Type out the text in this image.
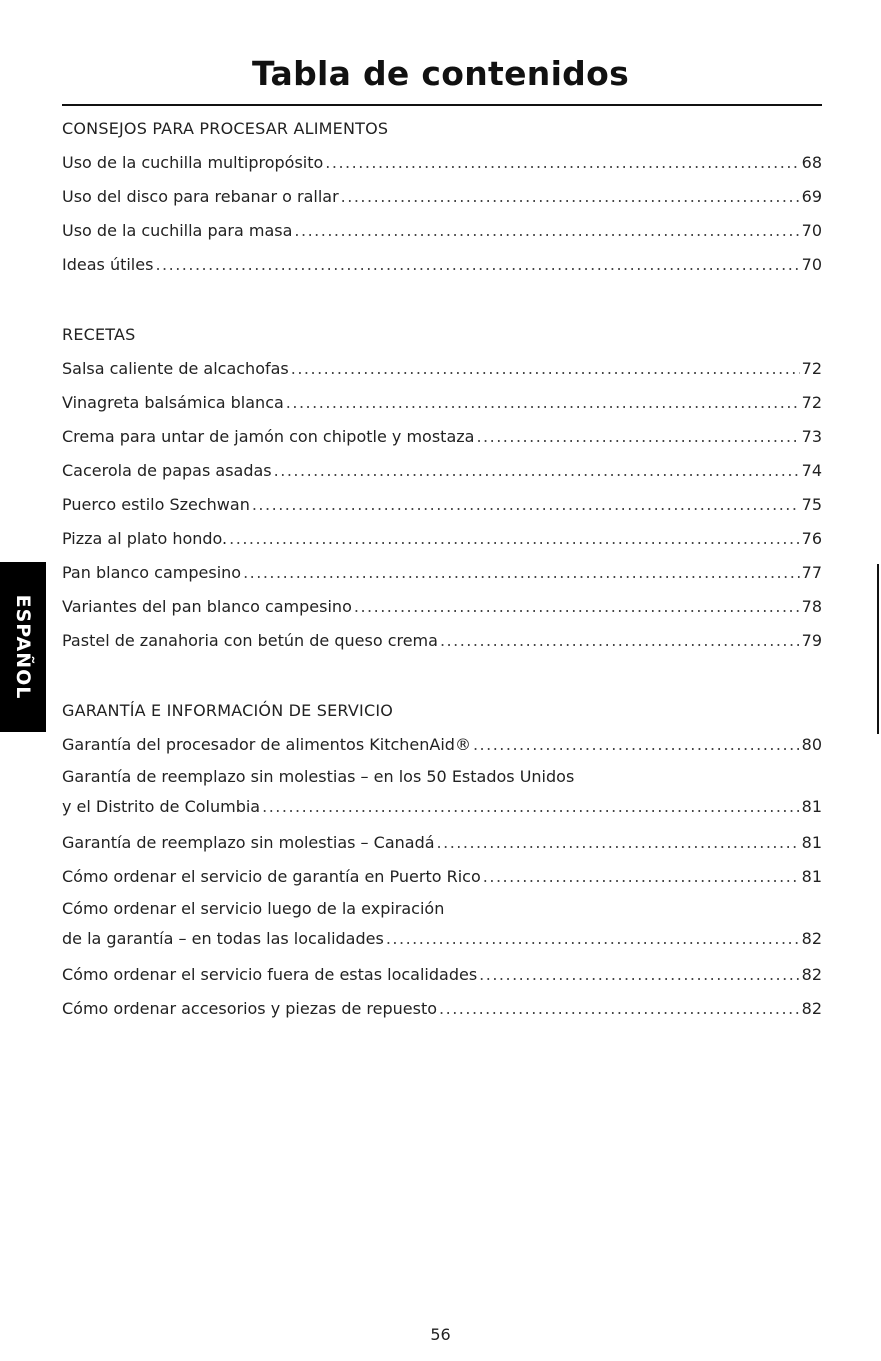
Tabla de contenidos
CONSEJOS PARA PROCESAR ALIMENTOS
Uso de la cuchilla multipropósito .....	68
Uso del disco para rebanar o rallar .....	69
Uso de la cuchilla para masa .....	70
Ideas útiles .....	70
RECETAS
Salsa caliente de alcachofas .....	72
Vinagreta balsámica blanca .....	72
Crema para untar de jamón con chipotle y mostaza .....	73
Cacerola de papas asadas .....	74
Puerco estilo Szechwan .....	75
Pizza al plato hondo. .....	76
Pan blanco campesino .....	77
Variantes del pan blanco campesino .....	78
Pastel de zanahoria con betún de queso crema .....	79
GARANTÍA E INFORMACIÓN DE SERVICIO
Garantía del procesador de alimentos KitchenAid® .....	80
Garantía de reemplazo sin molestias – en los 50 Estados Unidos
y el Distrito de Columbia .....	81
Garantía de reemplazo sin molestias – Canadá .....	81
Cómo ordenar el servicio de garantía en Puerto Rico .....	81
Cómo ordenar el servicio luego de la expiración
de la garantía – en todas las localidades .....	82
Cómo ordenar el servicio fuera de estas localidades .....	82
Cómo ordenar accesorios y piezas de repuesto .....	82
ESPAÑOL
56
